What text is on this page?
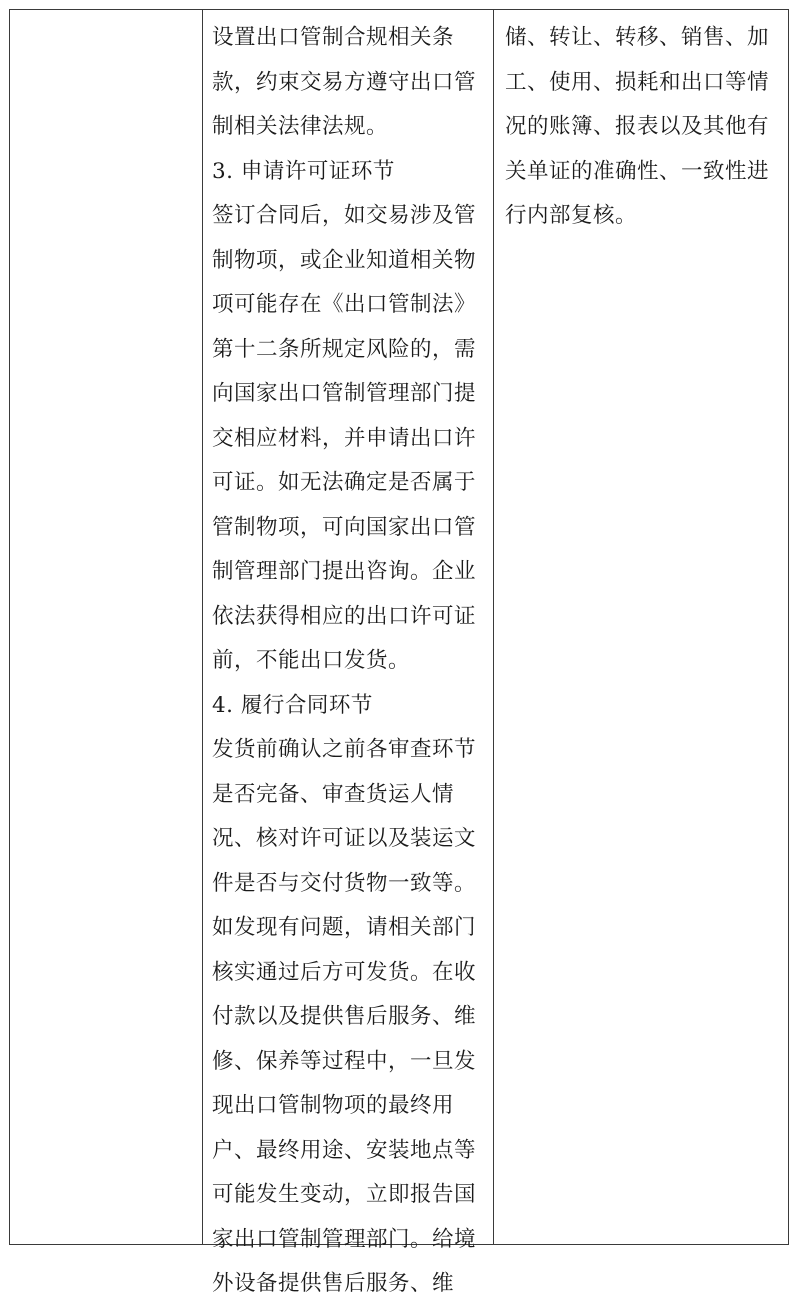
设置出口管制合规相关条
款，约束交易方遵守出口管
制相关法律法规。
3. 申请许可证环节
签订合同后，如交易涉及管
制物项，或企业知道相关物
项可能存在《出口管制法》
第十二条所规定风险的，需
向国家出口管制管理部门提
交相应材料，并申请出口许
可证。如无法确定是否属于
管制物项，可向国家出口管
制管理部门提出咨询。企业
依法获得相应的出口许可证
前，不能出口发货。
4. 履行合同环节
发货前确认之前各审查环节
是否完备、审查货运人情
况、核对许可证以及装运文
件是否与交付货物一致等。
如发现有问题，请相关部门
核实通过后方可发货。在收
付款以及提供售后服务、维
修、保养等过程中，一旦发
现出口管制物项的最终用
户、最终用途、安装地点等
可能发生变动，立即报告国
家出口管制管理部门。给境
外设备提供售后服务、维
储、转让、转移、销售、加
工、使用、损耗和出口等情
况的账簿、报表以及其他有
关单证的准确性、一致性进
行内部复核。
